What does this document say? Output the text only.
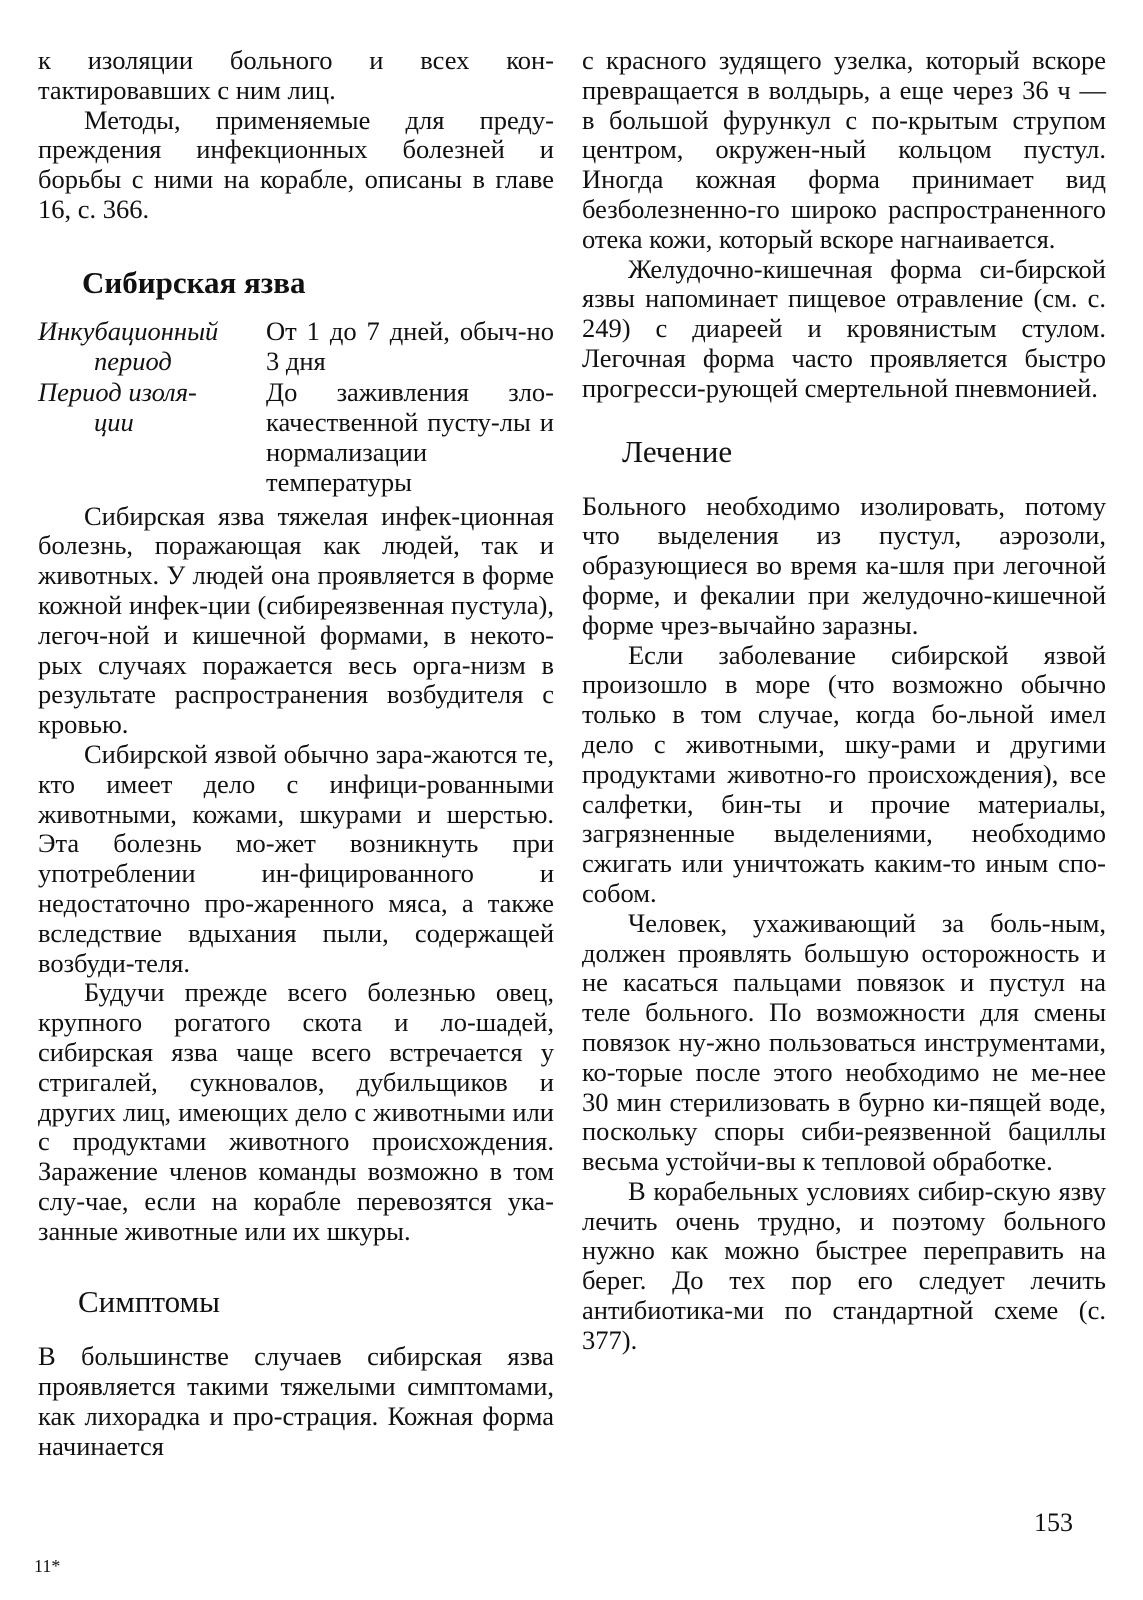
к изоляции больного и всех кон-тактировавших с ним лиц.

Методы, применяемые для преду-преждения инфекционных болезней и борьбы с ними на корабле, описаны в главе 16, с. 366.

Сибирская язва
Инкубационный
период	От 1 до 7 дней, обыч-но 3 дня
Период изоля-
ции	До заживления зло-качественной пусту-лы и нормализации температуры

Сибирская язва тяжелая инфек-ционная болезнь, поражающая как людей, так и животных. У людей она проявляется в форме кожной инфек-ции (сибиреязвенная пустула), легоч-ной и кишечной формами, в некото-рых случаях поражается весь орга-низм в результате распространения возбудителя с кровью.

Сибирской язвой обычно зара-жаются те, кто имеет дело с инфици-рованными животными, кожами, шкурами и шерстью. Эта болезнь мо-жет возникнуть при употреблении ин-фицированного и недостаточно про-жаренного мяса, а также вследствие вдыхания пыли, содержащей возбуди-теля.

Будучи прежде всего болезнью овец, крупного рогатого скота и ло-шадей, сибирская язва чаще всего встречается у стригалей, сукновалов, дубильщиков и других лиц, имеющих дело с животными или с продуктами животного происхождения. Заражение членов команды возможно в том слу-чае, если на корабле перевозятся ука-занные животные или их шкуры.

Симптомы

В большинстве случаев сибирская язва проявляется такими тяжелыми симптомами, как лихорадка и про-страция. Кожная форма начинается

с красного зудящего узелка, который вскоре превращается в волдырь, а еще через 36 ч — в большой фурункул с по-крытым струпом центром, окружен-ный кольцом пустул. Иногда кожная форма принимает вид безболезненно-го широко распространенного отека кожи, который вскоре нагнаивается.

Желудочно-кишечная форма си-бирской язвы напоминает пищевое отравление (см. с. 249) с диареей и кровянистым стулом. Легочная форма часто проявляется быстро прогресси-рующей смертельной пневмонией.

Лечение

Больного необходимо изолировать, потому что выделения из пустул, аэрозоли, образующиеся во время ка-шля при легочной форме, и фекалии при желудочно-кишечной форме чрез-вычайно заразны.

Если заболевание сибирской язвой произошло в море (что возможно обычно только в том случае, когда бо-льной имел дело с животными, шку-рами и другими продуктами животно-го происхождения), все салфетки, бин-ты и прочие материалы, загрязненные выделениями, необходимо сжигать или уничтожать каким-то иным спо-собом.

Человек, ухаживающий за боль-ным, должен проявлять большую осторожность и не касаться пальцами повязок и пустул на теле больного. По возможности для смены повязок ну-жно пользоваться инструментами, ко-торые после этого необходимо не ме-нее 30 мин стерилизовать в бурно ки-пящей воде, поскольку споры сиби-реязвенной бациллы весьма устойчи-вы к тепловой обработке.

В корабельных условиях сибир-скую язву лечить очень трудно, и поэтому больного нужно как можно быстрее переправить на берег. До тех пор его следует лечить антибиотика-ми по стандартной схеме (с. 377).

153
11*
